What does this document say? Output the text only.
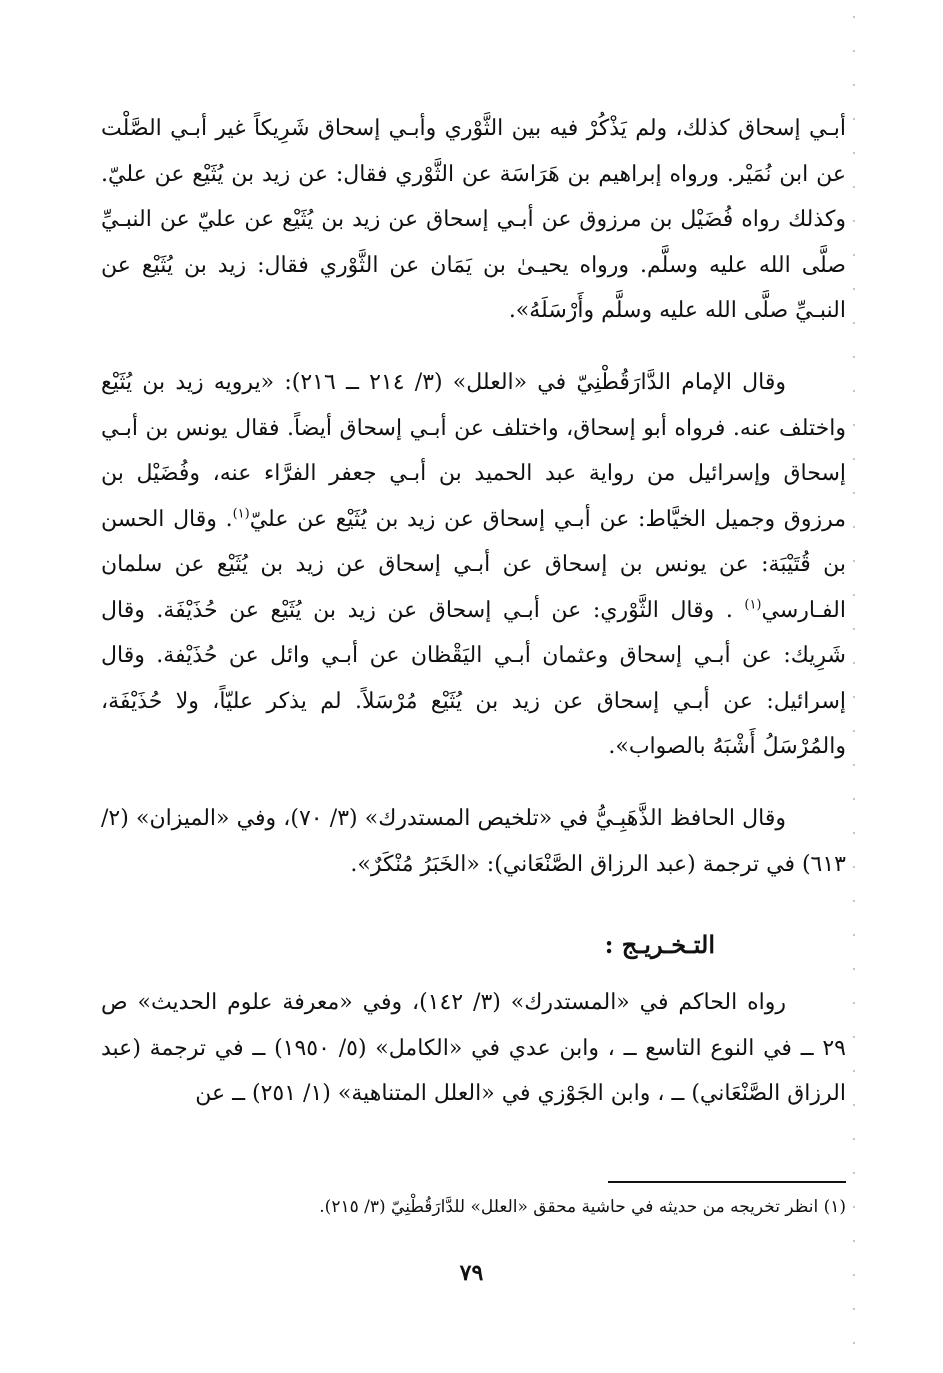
أبـي إسحاق كذلك، ولم يَذْكُرْ فيه بين الثَّوْري وأبـي إسحاق شَرِيكاً غير أبـي الصَّلْت عن ابن نُمَيْر. ورواه إبراهيم بن هَرَاسَة عن الثَّوْري فقال: عن زيد بن يُثَيْع عن عليّ. وكذلك رواه فُضَيْل بن مرزوق عن أبـي إسحاق عن زيد بن يُثَيْع عن عليّ عن النبـيِّ صلَّى الله عليه وسلَّم. ورواه يحيـىٰ بن يَمَان عن الثَّوْري فقال: زيد بن يُثَيْع عن النبـيِّ صلَّى الله عليه وسلَّم وأَرْسَلَهُ».

وقال الإمام الدَّارَقُطْنِيّ في «العلل» (٣/ ٢١٤ ــ ٢١٦): «يرويه زيد بن يُثَيْع واختلف عنه. فرواه أبو إسحاق، واختلف عن أبـي إسحاق أيضاً. فقال يونس بن أبـي إسحاق وإسرائيل من رواية عبد الحميد بن أبـي جعفر الفرَّاء عنه، وفُضَيْل بن مرزوق وجميل الخيَّاط: عن أبـي إسحاق عن زيد بن يُثَيْع عن عليّ$^{(١)}$. وقال الحسن بن قُتَيْبَة: عن يونس بن إسحاق عن أبـي إسحاق عن زيد بن يُثَيْع عن سلمان الفـارسي$^{(١)}$ . وقال الثَّوْري: عن أبـي إسحاق عن زيد بن يُثَيْع عن حُذَيْفَة. وقال شَرِيك: عن أبـي إسحاق وعثمان أبـي اليَقْظان عن أبـي وائل عن حُذَيْفة. وقال إسرائيل: عن أبـي إسحاق عن زيد بن يُثَيْع مُرْسَلاً. لم يذكر عليّاً، ولا حُذَيْفَة، والمُرْسَلُ أَشْبَهُ بالصواب».

وقال الحافظ الذَّهَبِـيُّ في «تلخيص المستدرك» (٣/ ٧٠)، وفي «الميزان» (٢/ ٦١٣) في ترجمة (عبد الرزاق الصَّنْعَاني): «الخَبَرُ مُنْكَرٌ».

التـخـريـج :

رواه الحاكم في «المستدرك» (٣/ ١٤٢)، وفي «معرفة علوم الحديث» ص ٢٩ ــ في النوع التاسع ــ ، وابن عدي في «الكامل» (٥/ ١٩٥٠) ــ في ترجمة (عبد الرزاق الصَّنْعَاني) ــ ، وابن الجَوْزي في «العلل المتناهية» (١/ ٢٥١) ــ عن

(١) انظر تخريجه من حديثه في حاشية محقق «العلل» للدَّارَقُطْنِيّ (٣/ ٢١٥).
٧٩
